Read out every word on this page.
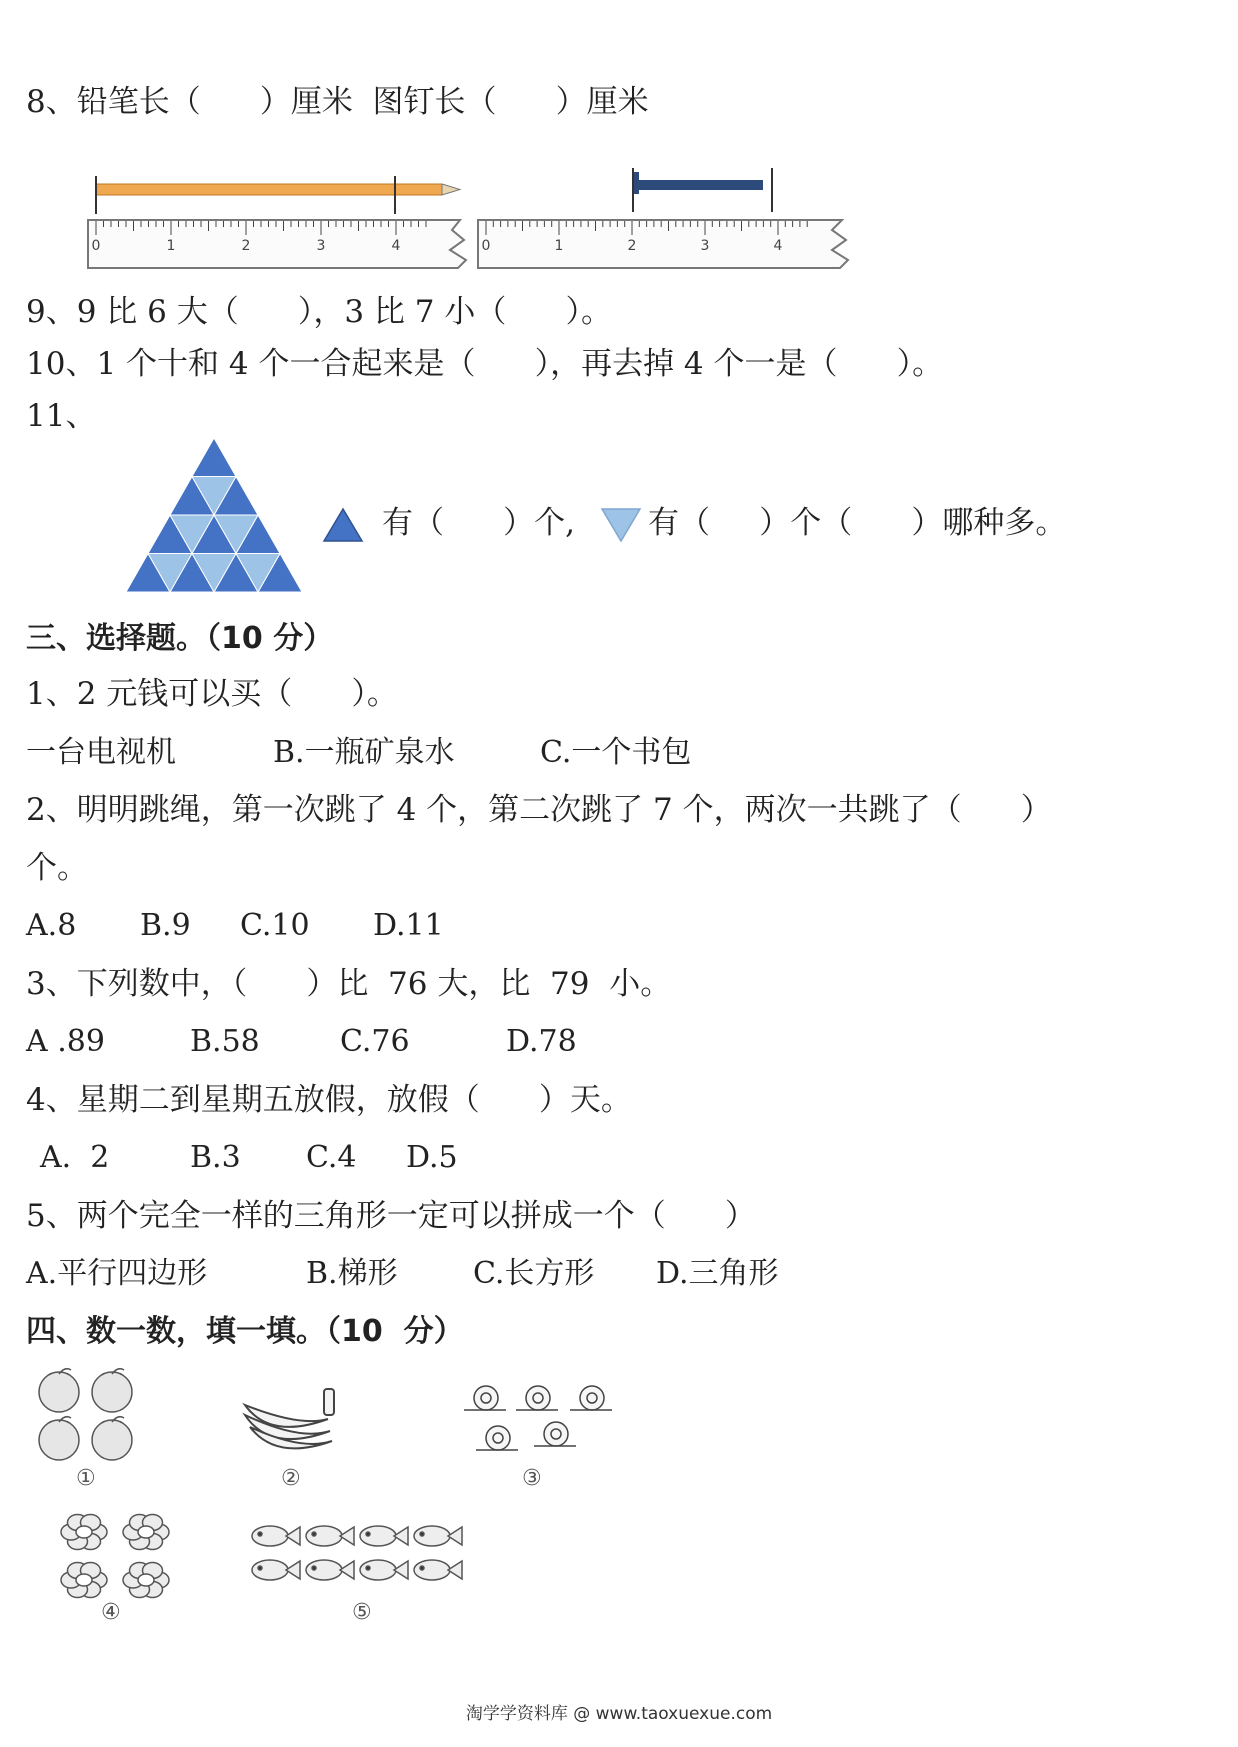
8、铅笔长（      ）厘米  图钉长（      ）厘米
0	1	2	3	4	0	1	2	3	4
9、9 比 6 大（      ），3 比 7 小（      ）。
10、1 个十和 4 个一合起来是（      ），再去掉 4 个一是（      ）。
11、
有（      ）个, 有（     ）个（      ）哪种多。
三、选择题。（10 分）
1、2 元钱可以买（      ）。
一台电视机	B.一瓶矿泉水	C.一个书包
2、明明跳绳，第一次跳了 4 个，第二次跳了 7 个，两次一共跳了（      ）
个。
A.8 B.9 C.10 D.11
3、下列数中，（      ）比  76 大，比  79  小。
A .89	B.58	C.76	D.78
4、星期二到星期五放假，放假（      ）天。
A.  2	B.3 C.4 D.5
5、两个完全一样的三角形一定可以拼成一个（      ）
A.平行四边形	B.梯形	C.长方形 D.三角形
四、数一数，填一填。（10  分）
①	②	③
④	⑤
淘学学资料库 @ www.taoxuexue.com
